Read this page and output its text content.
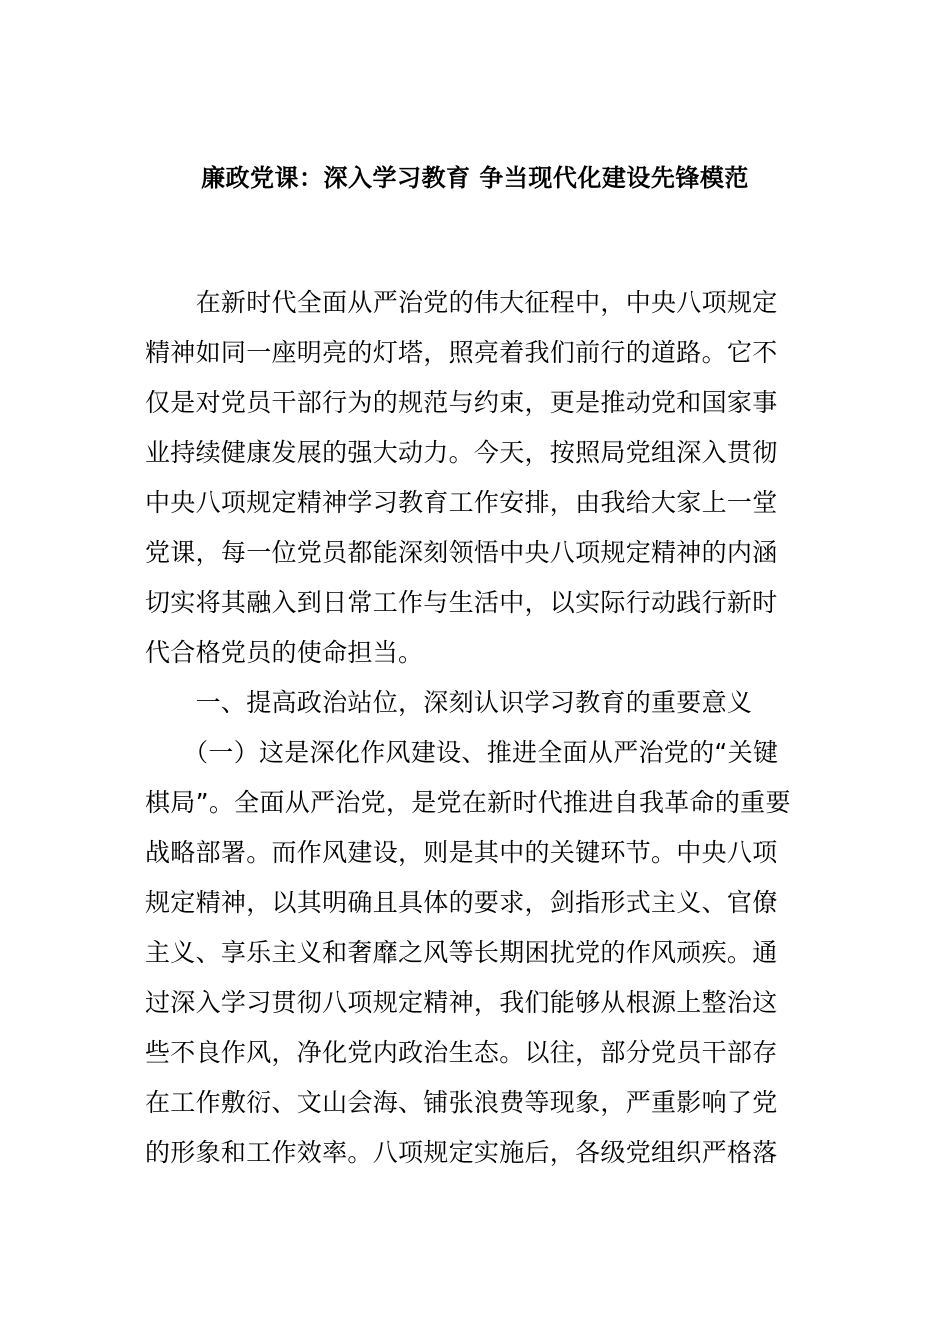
廉政党课：深入学习教育 争当现代化建设先锋模范
　　在新时代全面从严治党的伟大征程中，中央八项规定
精神如同一座明亮的灯塔，照亮着我们前行的道路。它不
仅是对党员干部行为的规范与约束，更是推动党和国家事
业持续健康发展的强大动力。今天，按照局党组深入贯彻
中央八项规定精神学习教育工作安排，由我给大家上一堂
党课，每一位党员都能深刻领悟中央八项规定精神的内涵
切实将其融入到日常工作与生活中，以实际行动践行新时
代合格党员的使命担当。
　　一、提高政治站位，深刻认识学习教育的重要意义
　　（一）这是深化作风建设、推进全面从严治党的“关键
棋局”。全面从严治党，是党在新时代推进自我革命的重要
战略部署。而作风建设，则是其中的关键环节。中央八项
规定精神，以其明确且具体的要求，剑指形式主义、官僚
主义、享乐主义和奢靡之风等长期困扰党的作风顽疾。通
过深入学习贯彻八项规定精神，我们能够从根源上整治这
些不良作风，净化党内政治生态。以往，部分党员干部存
在工作敷衍、文山会海、铺张浪费等现象，严重影响了党
的形象和工作效率。八项规定实施后，各级党组织严格落
